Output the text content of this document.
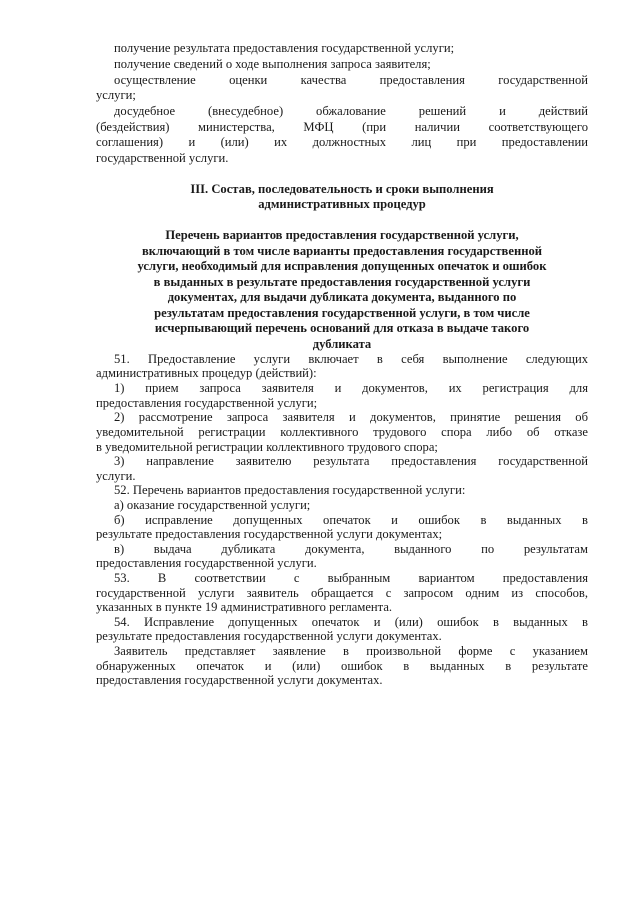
получение результата предоставления государственной услуги;
получение сведений о ходе выполнения запроса заявителя;
осуществление оценки качества предоставления государственной
услуги;
досудебное (внесудебное) обжалование решений и действий
(бездействия) министерства, МФЦ (при наличии соответствующего
соглашения) и (или) их должностных лиц при предоставлении
государственной услуги.
III. Состав, последовательность и сроки выполнения
административных процедур
Перечень вариантов предоставления государственной услуги,
включающий в том числе варианты предоставления государственной
услуги, необходимый для исправления допущенных опечаток и ошибок
в выданных в результате предоставления государственной услуги
документах, для выдачи дубликата документа, выданного по
результатам предоставления государственной услуги, в том числе
исчерпывающий перечень оснований для отказа в выдаче такого
дубликата
51. Предоставление услуги включает в себя выполнение следующих
административных процедур (действий):
1) прием запроса заявителя и документов, их регистрация для
предоставления государственной услуги;
2) рассмотрение запроса заявителя и документов, принятие решения об
уведомительной регистрации коллективного трудового спора либо об отказе
в уведомительной регистрации коллективного трудового спора;
3) направление заявителю результата предоставления государственной
услуги.
52. Перечень вариантов предоставления государственной услуги:
а) оказание государственной услуги;
б) исправление допущенных опечаток и ошибок в выданных в
результате предоставления государственной услуги документах;
в) выдача дубликата документа, выданного по результатам
предоставления государственной услуги.
53. В соответствии с выбранным вариантом предоставления
государственной услуги заявитель обращается с запросом одним из способов,
указанных в пункте 19 административного регламента.
54. Исправление допущенных опечаток и (или) ошибок в выданных в
результате предоставления государственной услуги документах.
Заявитель представляет заявление в произвольной форме с указанием
обнаруженных опечаток и (или) ошибок в выданных в результате
предоставления государственной услуги документах.
